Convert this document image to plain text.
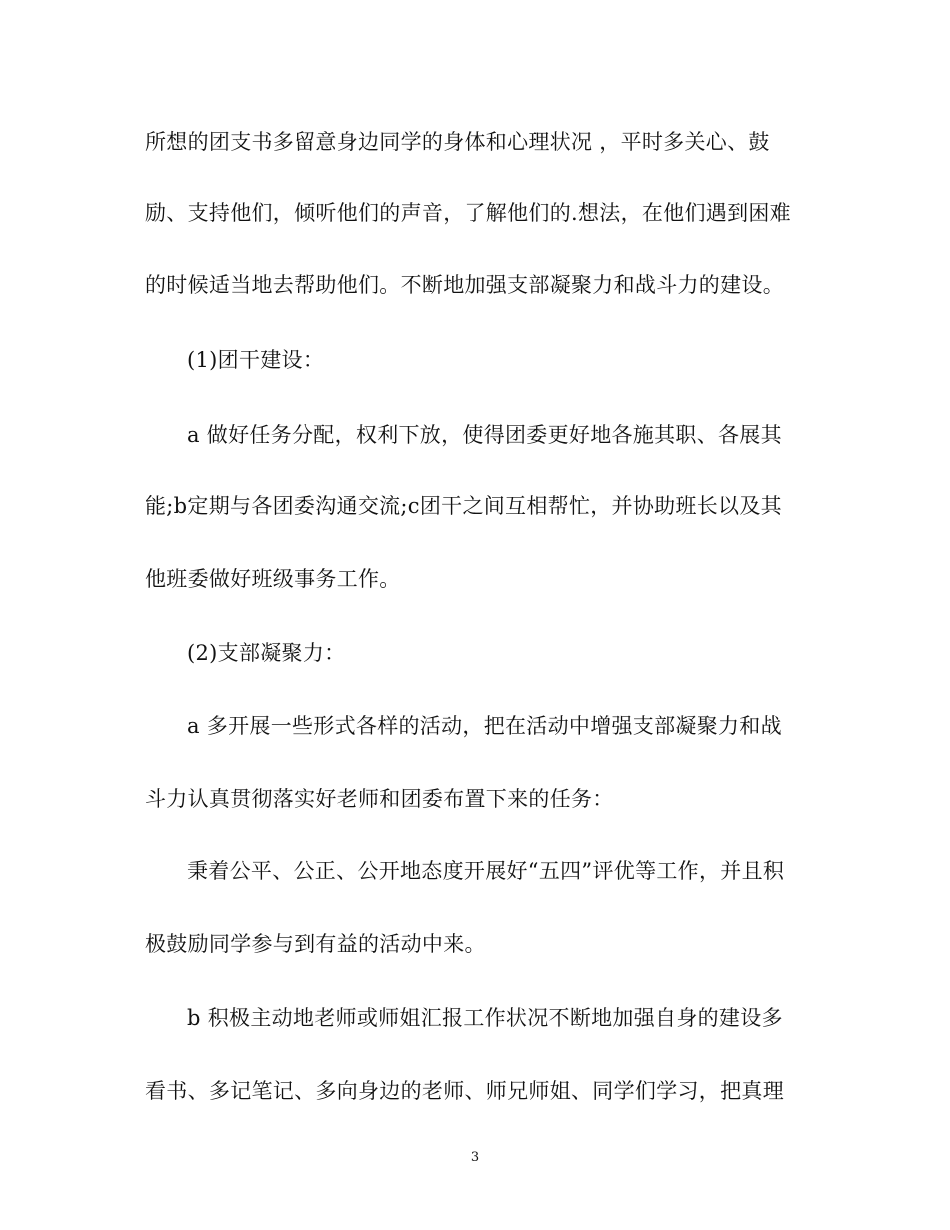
所想的团支书多留意身边同学的身体和心理状况 ，平时多关心、鼓
励、支持他们，倾听他们的声音，了解他们的.想法，在他们遇到困难
的时候适当地去帮助他们。不断地加强支部凝聚力和战斗力的建设。
(1)团干建设：
a 做好任务分配，权利下放，使得团委更好地各施其职、各展其
能;b定期与各团委沟通交流;c团干之间互相帮忙，并协助班长以及其
他班委做好班级事务工作。
(2)支部凝聚力：
a 多开展一些形式各样的活动，把在活动中增强支部凝聚力和战
斗力认真贯彻落实好老师和团委布置下来的任务：
秉着公平、公正、公开地态度开展好“五四”评优等工作，并且积
极鼓励同学参与到有益的活动中来。
b 积极主动地老师或师姐汇报工作状况不断地加强自身的建设多
看书、多记笔记、多向身边的老师、师兄师姐、同学们学习，把真理
3
